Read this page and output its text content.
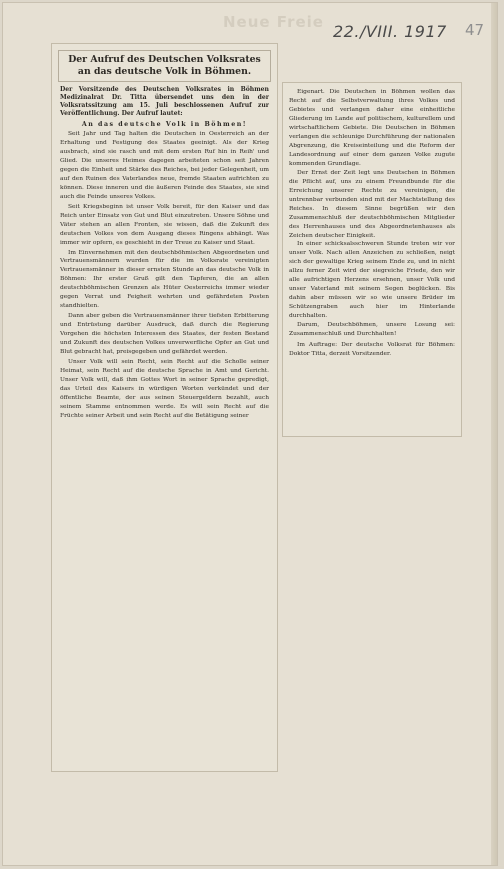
Neue Freie 22./VIII. 1917 47
Der Aufruf des Deutschen Volksrates an das deutsche Volk in Böhmen.
Der Vorsitzende des Deutschen Volksrates in Böhmen Medizinalrat Dr. Titta übersendet uns den in der Volksratssitzung am 15. Juli beschlossenen Aufruf zur Veröffentlichung. Der Aufruf lautet:
An das deutsche Volk in Böhmen!
Seit Jahr und Tag halten die Deutschen in Oesterreich an der Erhaltung und Festigung des Staates geeinigt. Als der Krieg ausbrach, sind sie rasch und mit dem ersten Ruf hin in Reih' und Glied. Die unseres Heimes dagegen arbeiteten schon seit Jahren gegen die Einheit und Stärke des Reiches, bei jeder Gelegenheit, um auf den Ruinen des Vaterlandes neue, fremde Staaten aufrichten zu können. Diese inneren und die äußeren Feinde des Staates, sie sind auch die Feinde unseres Volkes.
Seit Kriegsbeginn ist unser Volk bereit, für den Kaiser und das Reich unter Einsatz von Gut und Blut einzutreten. Unsere Söhne und Väter stehen an allen Fronten, sie wissen, daß die Zukunft des deutschen Volkes von dem Ausgang dieses Ringens abhängt. Was immer wir opfern, es geschieht in der Treue zu Kaiser und Staat.
Im Einvernehmen mit den deutschböhmischen Abgeordneten und Vertrauensmännern wurden für die im Volksrate vereinigten Vertrauensmänner in dieser ernsten Stunde an das deutsche Volk in Böhmen: Ihr erster Gruß gilt den Tapferen, die an allen deutschböhmischen Grenzen als Hüter Oesterreichs immer wieder gegen Verrat und Feigheit wehrten und gefährdeten Posten standhielten.
Dann aber geben die Vertrauensmänner ihrer tiefsten Erbitterung und Entrüstung darüber Ausdruck, daß durch die Regierung Vorgehen die höchsten Interessen des Staates, der festen Bestand und Zukunft des deutschen Volkes unverwerfliche Opfer an Gut und Blut gebracht hat, preisgegeben und gefährdet werden.
Unser Volk will sein Recht, sein Recht auf die Scholle seiner Heimat, sein Recht auf die deutsche Sprache in Amt und Gericht. Unser Volk will, daß ihm Gottes Wort in seiner Sprache gepredigt, das Urteil des Kaisers in würdigen Worten verkündet und der öffentliche Beamte, der aus seinen Steuergeldern bezahlt, auch seinem Stamme entnommen werde. Es will sein Recht auf die Früchte seiner Arbeit und sein Recht auf die Betätigung seiner
Eigenart. Die Deutschen in Böhmen wollen das Recht auf die Selbstverwaltung ihres Volkes und Gebietes und verlangen daher eine einheitliche Gliederung im Lande auf politischem, kulturellem und wirtschaftlichem Gebiete. Die Deutschen in Böhmen verlangen die schleunige Durchführung der nationalen Abgrenzung, die Kreiseinteilung und die Reform der Landesordnung auf einer dem ganzen Volke zugute kommenden Grundlage.
Der Ernst der Zeit legt uns Deutschen in Böhmen die Pflicht auf, uns zu einem Freundbunde für die Erreichung unserer Rechte zu vereinigen, die untrennbar verbunden sind mit der Machtstellung des Reiches. In diesem Sinne begrüßen wir den Zusammenschluß der deutschböhmischen Mitglieder des Herrenhauses und des Abgeordnetenhauses als Zeichen deutscher Einigkeit.
In einer schicksalsschweren Stunde treten wir vor unser Volk. Nach allen Anzeichen zu schließen, neigt sich der gewaltige Krieg seinem Ende zu, und in nicht allzu ferner Zeit wird der siegreiche Friede, den wir alle aufrichtigen Herzens ersehnen, unser Volk und unser Vaterland mit seinem Segen beglücken. Bis dahin aber müssen wir so wie unsere Brüder im Schützengraben auch hier im Hinterlande durchhalten.
Darum, Deutschböhmen, unsere Losung sei: Zusammenschluß und Durchhalten!
Im Auftrage: Der deutsche Volksrat für Böhmen: Doktor Titta, derzeit Vorsitzender.
